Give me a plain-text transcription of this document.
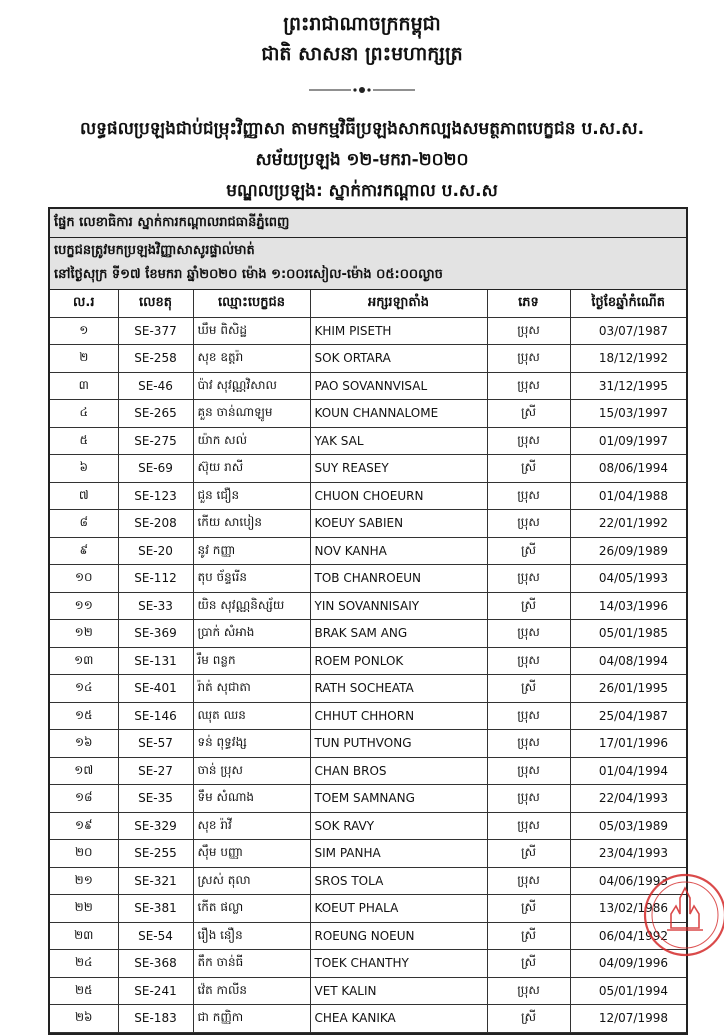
ព្រះរាជាណាចក្រកម្ពុជា
ជាតិ សាសនា ព្រះមហាក្សត្រ
លទ្ធផលប្រឡងជាប់ជម្រុះវិញ្ញាសា តាមកម្មវិធីប្រឡងសាកល្បងសមត្ថភាពបេក្ខជន ប.ស.ស.
សម័យប្រឡង ១២-មករា-២០២០
មណ្ឌលប្រឡង: ស្នាក់ការកណ្ដាល ប.ស.ស
ផ្នែក លេខាធិការ ស្នាក់ការកណ្ដាលរាជធានីភ្នំពេញ
បេក្ខជនត្រូវមកប្រឡងវិញ្ញាសាសូរផ្ទាល់មាត់
នៅថ្ងៃសុក្រ ទី១៧ ខែមករា ឆ្នាំ២០២០ ម៉ោង ១:០០រសៀល-ម៉ោង ០៥:០០ល្ងាច
ល.រ	លេខតុ	ឈ្មោះបេក្ខជន	អក្សរឡាតាំង	ភេទ	ថ្ងៃខែឆ្នាំកំណើត
១	SE-377	ឃឹម ពិសិដ្ឋ	KHIM PISETH	ប្រុស	03/07/1987
២	SE-258	សុខ ឧត្តរ៉ា	SOK ORTARA	ប្រុស	18/12/1992
៣	SE-46	ប៉ាវ សុវណ្ណវិសាល	PAO SOVANNVISAL	ប្រុស	31/12/1995
៤	SE-265	គួន ចាន់ណាឡូម	KOUN CHANNALOME	ស្រី	15/03/1997
៥	SE-275	យ៉ាក សល់	YAK SAL	ប្រុស	01/09/1997
៦	SE-69	ស៊ុយ រាសី	SUY REASEY	ស្រី	08/06/1994
៧	SE-123	ជួន ជឿន	CHUON CHOEURN	ប្រុស	01/04/1988
៨	SE-208	កើយ សាបៀន	KOEUY SABIEN	ប្រុស	22/01/1992
៩	SE-20	នូវ កញ្ញា	NOV KANHA	ស្រី	26/09/1989
១០	SE-112	តុប ច័ន្ទរើន	TOB CHANROEUN	ប្រុស	04/05/1993
១១	SE-33	យិន សុវណ្ណនិស្ស័យ	YIN SOVANNISAIY	ស្រី	14/03/1996
១២	SE-369	ប្រាក់ សំអាង	BRAK SAM ANG	ប្រុស	05/01/1985
១៣	SE-131	រឹម ពន្លក	ROEM PONLOK	ប្រុស	04/08/1994
១៤	SE-401	រ៉ាត់ សុជាតា	RATH SOCHEATA	ស្រី	26/01/1995
១៥	SE-146	ឈុត ឈន	CHHUT CHHORN	ប្រុស	25/04/1987
១៦	SE-57	ទន់ ពុទ្ធវង្ស	TUN PUTHVONG	ប្រុស	17/01/1996
១៧	SE-27	ចាន់ ប្រុស	CHAN BROS	ប្រុស	01/04/1994
១៨	SE-35	ទឹម សំណាង	TOEM SAMNANG	ប្រុស	22/04/1993
១៩	SE-329	សុខ រ៉ាវី	SOK RAVY	ប្រុស	05/03/1989
២០	SE-255	ស៊ឹម បញ្ញា	SIM PANHA	ស្រី	23/04/1993
២១	SE-321	ស្រស់ តុលា	SROS TOLA	ប្រុស	04/06/1993
២២	SE-381	កើត ផល្លា	KOEUT PHALA	ស្រី	13/02/1986
២៣	SE-54	រឿង នឿន	ROEUNG NOEUN	ស្រី	06/04/1992
២៤	SE-368	តឹក ចាន់ធី	TOEK CHANTHY	ស្រី	04/09/1996
២៥	SE-241	វ៉េត កាលីន	VET KALIN	ប្រុស	05/01/1994
២៦	SE-183	ជា កញ្ញិកា	CHEA KANIKA	ស្រី	12/07/1998
